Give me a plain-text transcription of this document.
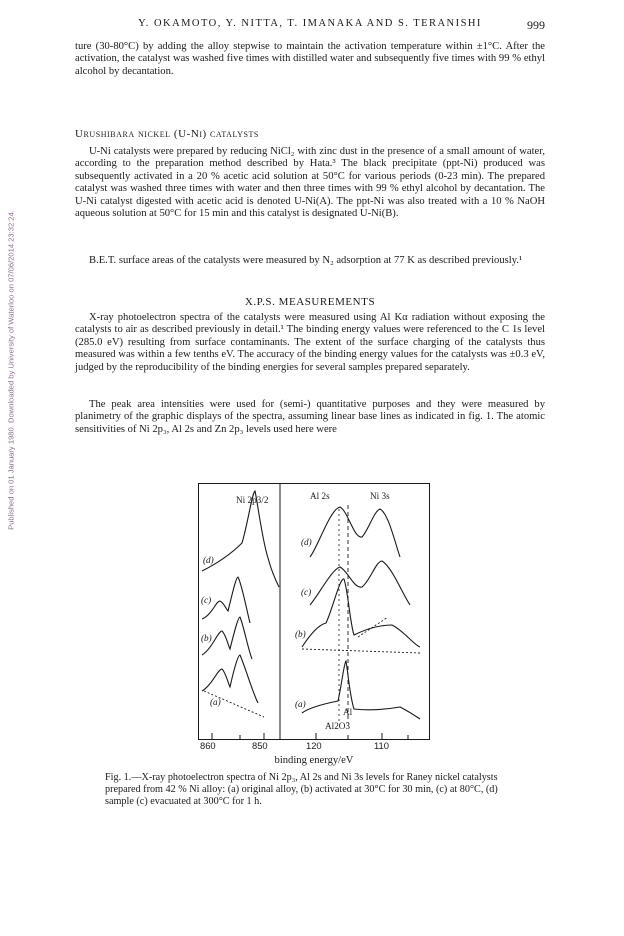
Published on 01 January 1980. Downloaded by University of Waterloo on 07/06/2014 23:32:24.
Y. OKAMOTO, Y. NITTA, T. IMANAKA AND S. TERANISHI	999

ture (30-80°C) by adding the alloy stepwise to maintain the activation temperature within ±1°C. After the activation, the catalyst was washed five times with distilled water and subsequently five times with 99 % ethyl alcohol by decantation.

Urushibara nickel (U-Ni) catalysts

U-Ni catalysts were prepared by reducing NiCl₂ with zinc dust in the presence of a small amount of water, according to the preparation method described by Hata.³ The black precipitate (ppt-Ni) produced was subsequently activated in a 20 % acetic acid solution at 50°C for various periods (0-23 min). The prepared catalyst was washed three times with water and then three times with 99 % ethyl alcohol by decantation. The U-Ni catalyst digested with acetic acid is denoted U-Ni(A). The ppt-Ni was also treated with a 10 % NaOH aqueous solution at 50°C for 15 min and this catalyst is designated U-Ni(B).

B.E.T. surface areas of the catalysts were measured by N₂ adsorption at 77 K as described previously.¹

X.P.S. MEASUREMENTS

X-ray photoelectron spectra of the catalysts were measured using Al Kα radiation without exposing the catalysts to air as described previously in detail.¹ The binding energy values were referenced to the C 1s level (285.0 eV) resulting from surface contaminants. The extent of the surface charging of the catalysts thus measured was within a few tenths eV. The accuracy of the binding energy values for the catalysts was ±0.3 eV, judged by the reproducibility of the binding energies for several samples prepared separately.

The peak area intensities were used for (semi-) quantitative purposes and they were measured by planimetry of the graphic displays of the spectra, assuming linear base lines as indicated in fig. 1. The atomic sensitivities of Ni 2p₃, Al 2s and Zn 2p₃ levels used here were

Ni 2p3/2	Al 2s	Ni 3s
(d)
(c)
(b)
(a)
(d)
(c)
(b)
(a)
Al
Al2O3
860	850	120	110
binding energy/eV
Fig. 1.—X-ray photoelectron spectra of Ni 2p₃, Al 2s and Ni 3s levels for Raney nickel catalysts prepared from 42 % Ni alloy: (a) original alloy, (b) activated at 30°C for 30 min, (c) at 80°C, (d) sample (c) evacuated at 300°C for 1 h.
